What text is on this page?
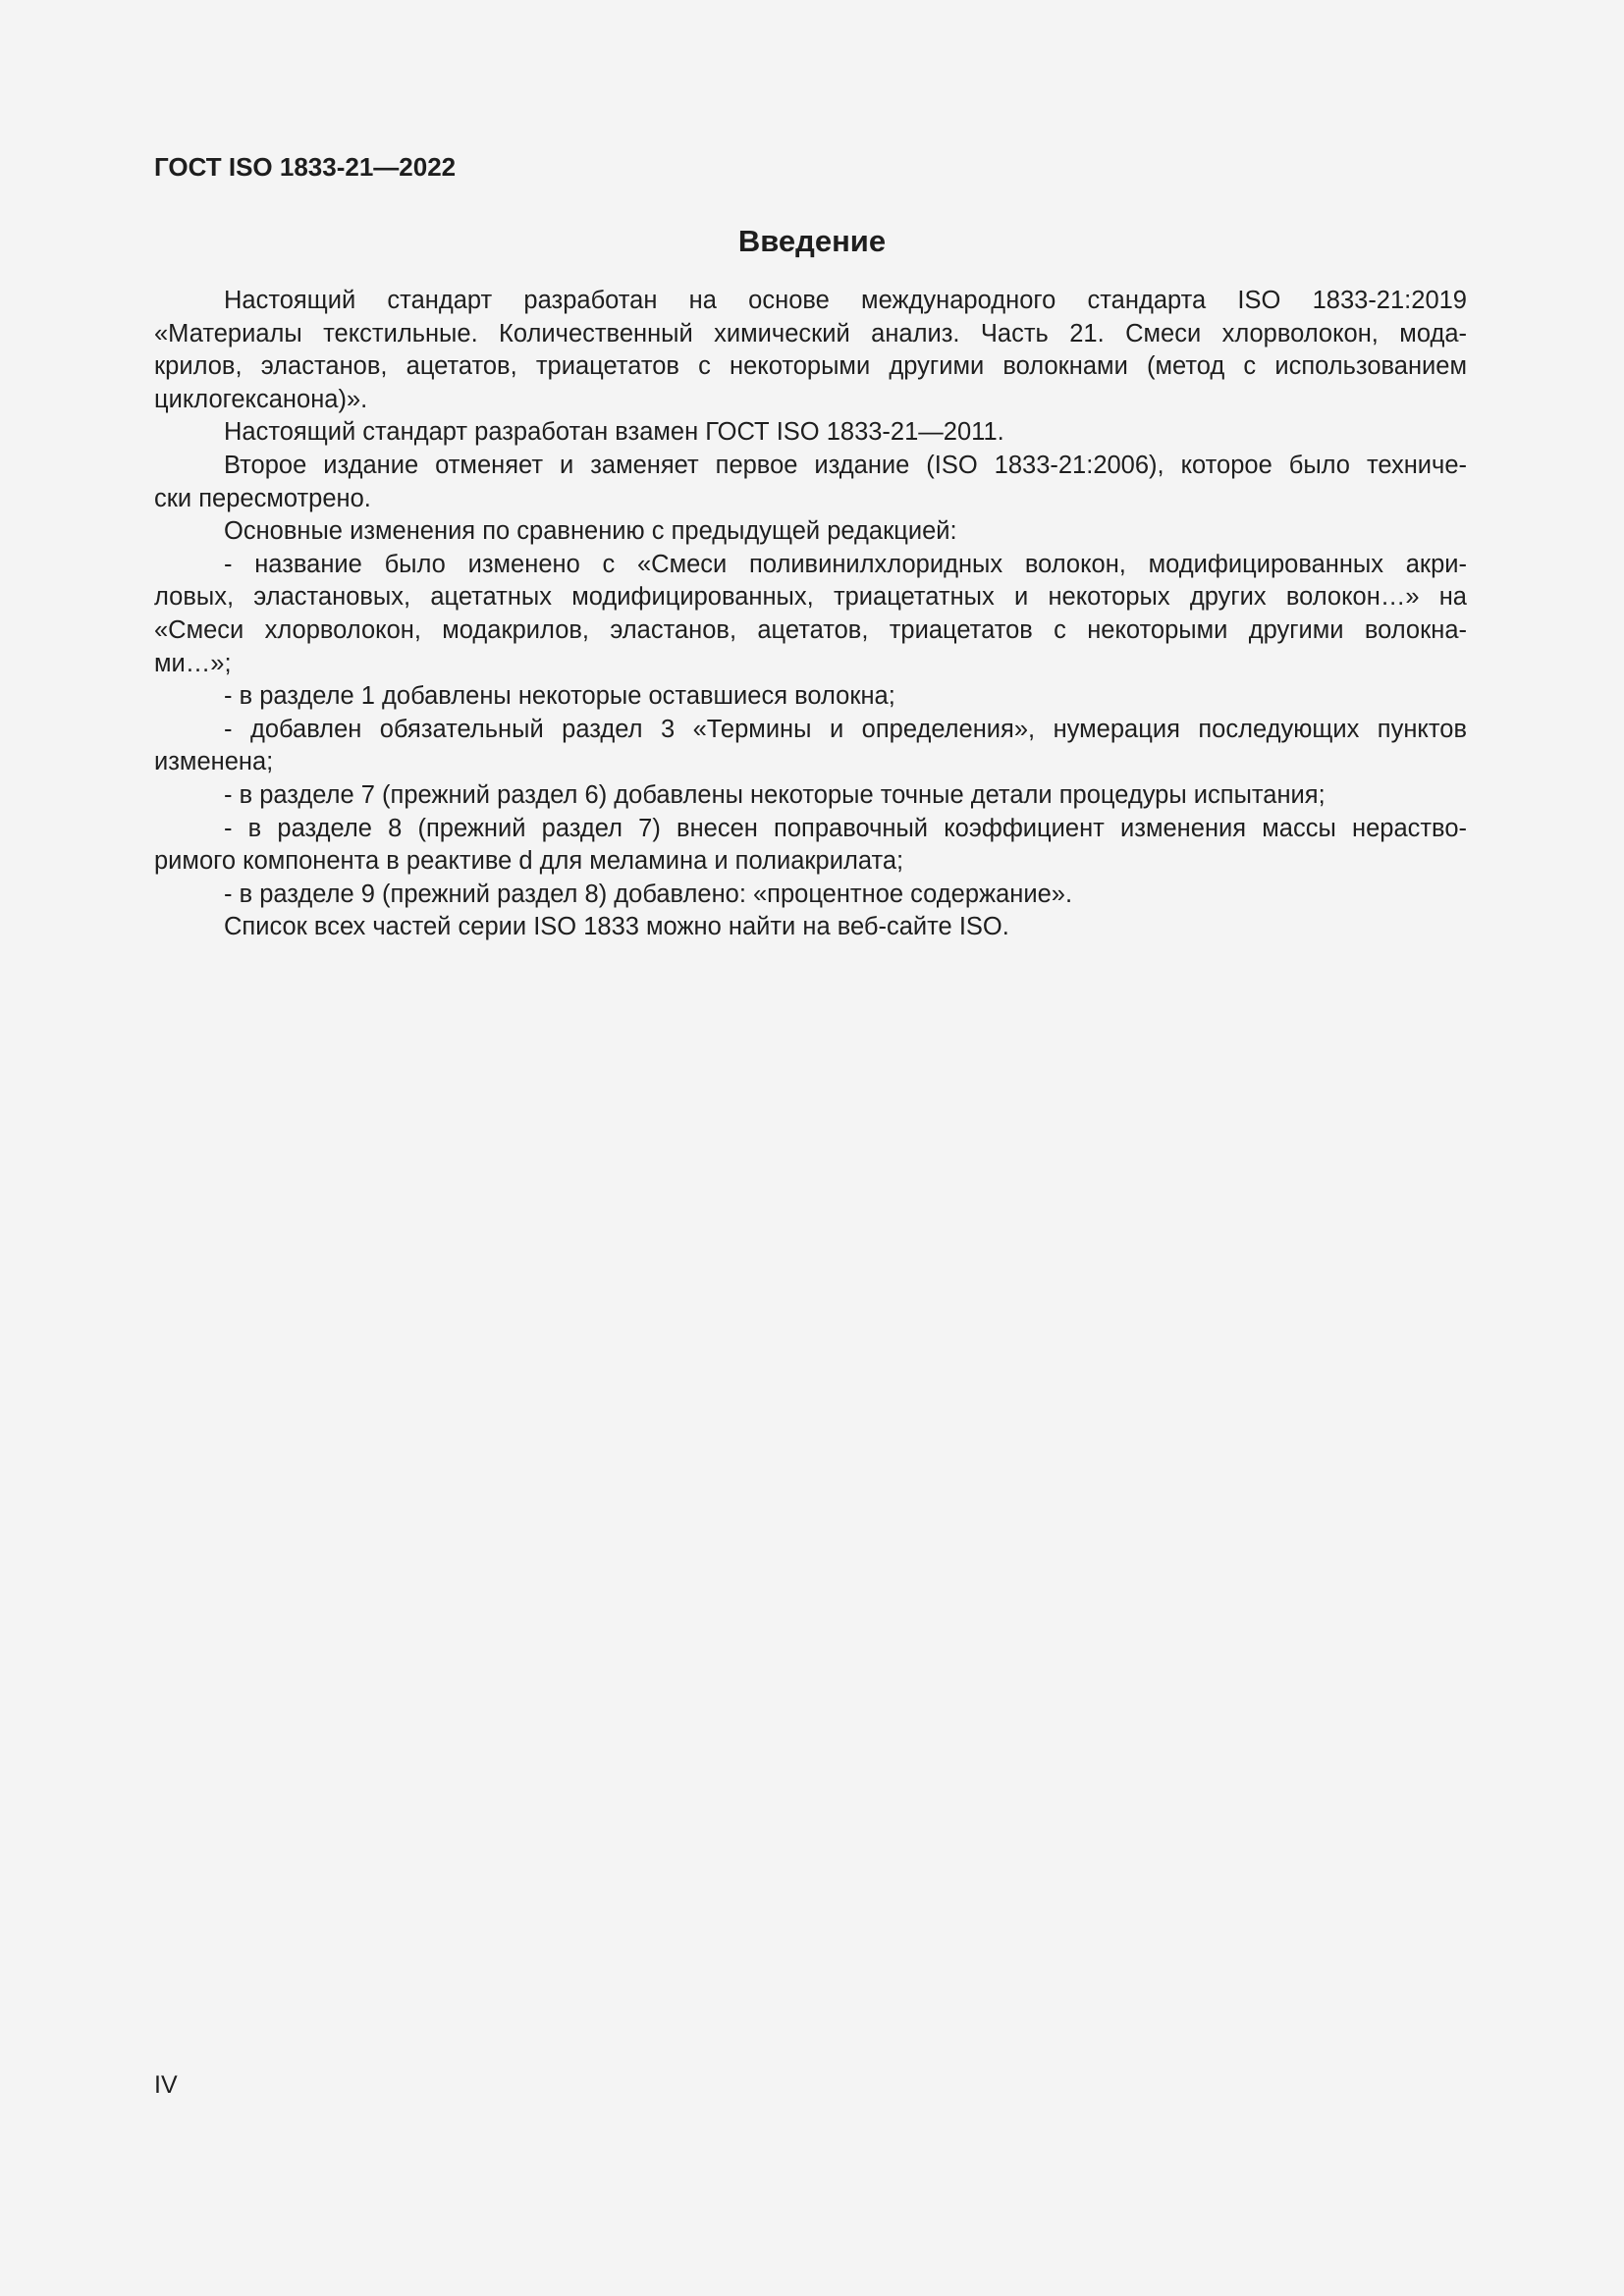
ГОСТ ISO 1833-21—2022
Введение
Настоящий стандарт разработан на основе международного стандарта ISO 1833-21:2019
«Материалы текстильные. Количественный химический анализ. Часть 21. Смеси хлорволокон, мода-
крилов, эластанов, ацетатов, триацетатов с некоторыми другими волокнами (метод с использованием
циклогексанона)».
Настоящий стандарт разработан взамен ГОСТ ISO 1833-21—2011.
Второе издание отменяет и заменяет первое издание (ISO 1833-21:2006), которое было техниче-
ски пересмотрено.
Основные изменения по сравнению с предыдущей редакцией:
- название было изменено с «Смеси поливинилхлоридных волокон, модифицированных акри-
ловых, эластановых, ацетатных модифицированных, триацетатных и некоторых других волокон…» на
«Смеси хлорволокон, модакрилов, эластанов, ацетатов, триацетатов с некоторыми другими волокна-
ми…»;
- в разделе 1 добавлены некоторые оставшиеся волокна;
- добавлен обязательный раздел 3 «Термины и определения», нумерация последующих пунктов
изменена;
- в разделе 7 (прежний раздел 6) добавлены некоторые точные детали процедуры испытания;
- в разделе 8 (прежний раздел 7) внесен поправочный коэффициент изменения массы нераство-
римого компонента в реактиве d для меламина и полиакрилата;
- в разделе 9 (прежний раздел 8) добавлено: «процентное содержание».
Список всех частей серии ISO 1833 можно найти на веб-сайте ISO.
IV
